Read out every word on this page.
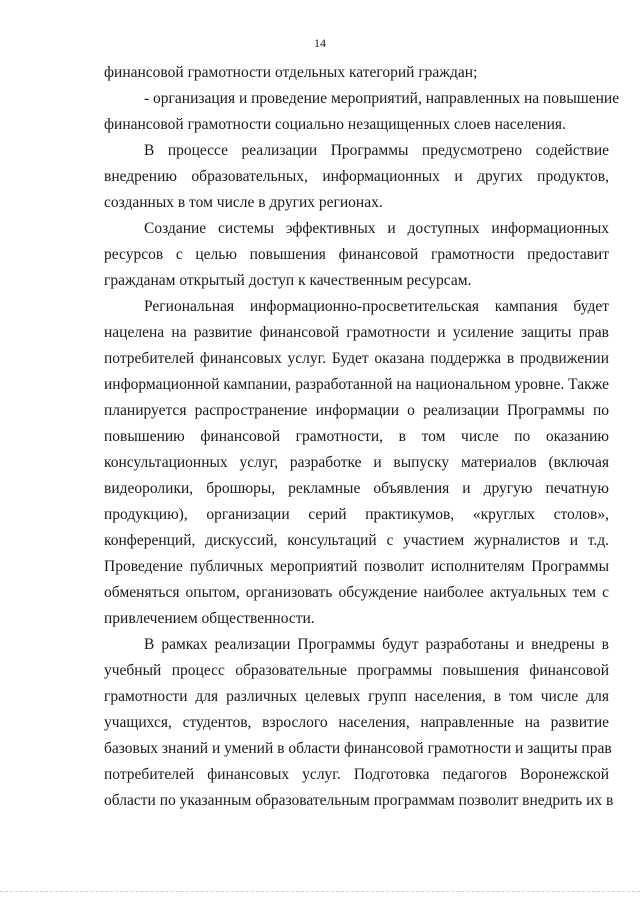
14
финансовой грамотности отдельных категорий граждан;
- организация и проведение мероприятий, направленных на повышение
финансовой грамотности социально незащищенных слоев населения.
В процессе реализации Программы предусмотрено содействие
внедрению образовательных, информационных и других продуктов,
созданных в том числе в других регионах.
Создание системы эффективных и доступных информационных
ресурсов с целью повышения финансовой грамотности предоставит
гражданам открытый доступ к качественным ресурсам.
Региональная информационно-просветительская кампания будет
нацелена на развитие финансовой грамотности и усиление защиты прав
потребителей финансовых услуг. Будет оказана поддержка в продвижении
информационной кампании, разработанной на национальном уровне. Также
планируется распространение информации о реализации Программы по
повышению финансовой грамотности, в том числе по оказанию
консультационных услуг, разработке и выпуску материалов (включая
видеоролики, брошюры, рекламные объявления и другую печатную
продукцию), организации серий практикумов, «круглых столов»,
конференций, дискуссий, консультаций с участием журналистов и т.д.
Проведение публичных мероприятий позволит исполнителям Программы
обменяться опытом, организовать обсуждение наиболее актуальных тем с
привлечением общественности.
В рамках реализации Программы будут разработаны и внедрены в
учебный процесс образовательные программы повышения финансовой
грамотности для различных целевых групп населения, в том числе для
учащихся, студентов, взрослого населения, направленные на развитие
базовых знаний и умений в области финансовой грамотности и защиты прав
потребителей финансовых услуг. Подготовка педагогов Воронежской
области по указанным образовательным программам позволит внедрить их в
